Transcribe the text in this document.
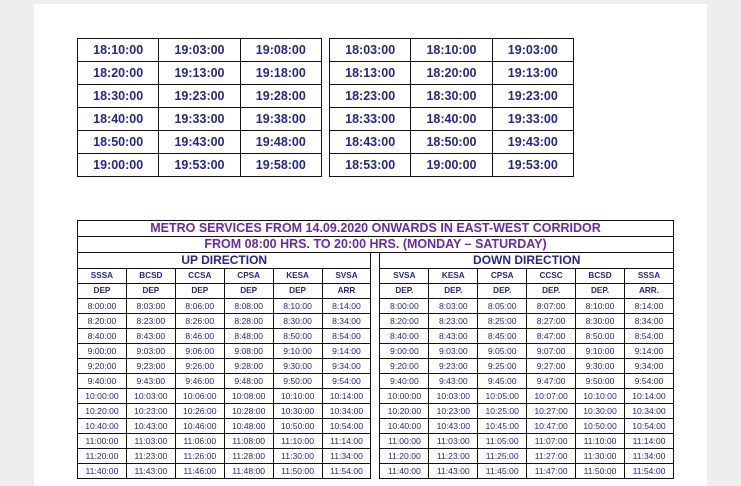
18:10:00	19:03:00	19:08:00		18:03:00	18:10:00	19:03:00
18:20:00	19:13:00	19:18:00		18:13:00	18:20:00	19:13:00
18:30:00	19:23:00	19:28:00		18:23:00	18:30:00	19:23:00
18:40:00	19:33:00	19:38:00		18:33:00	18:40:00	19:33:00
18:50:00	19:43:00	19:48:00		18:43:00	18:50:00	19:43:00
19:00:00	19:53:00	19:58:00		18:53:00	19:00:00	19:53:00
METRO SERVICES FROM 14.09.2020 ONWARDS IN EAST-WEST CORRIDOR												
FROM 08:00 HRS. TO 20:00 HRS. (MONDAY – SATURDAY)												
UP DIRECTION							DOWN DIRECTION					
SSSA	BCSD	CCSA	CPSA	KESA	SVSA		SVSA	KESA	CPSA	CCSC	BCSD	SSSA
DEP	DEP	DEP	DEP	DEP	ARR		DEP.	DEP.	DEP.	DEP.	DEP.	ARR.
8:00:00	8:03:00	8:06:00	8:08:00	8:10:00	8:14:00		8:00:00	8:03:00	8:05:00	8:07:00	8:10:00	8:14:00
8:20:00	8:23:00	8:26:00	8:28:00	8:30:00	8:34:00		8:20:00	8:23:00	8:25:00	8:27:00	8:30:00	8:34:00
8:40:00	8:43:00	8:46:00	8:48:00	8:50:00	8:54:00		8:40:00	8:43:00	8:45:00	8:47:00	8:50:00	8:54:00
9:00:00	9:03:00	9:06:00	9:08:00	9:10:00	9:14:00		9:00:00	9:03:00	9:05:00	9:07:00	9:10:00	9:14:00
9:20:00	9:23:00	9:26:00	9:28:00	9:30:00	9:34:00		9:20:00	9:23:00	9:25:00	9:27:00	9:30:00	9:34:00
9:40:00	9:43:00	9:46:00	9:48:00	9:50:00	9:54:00		9:40:00	9:43:00	9:45:00	9:47:00	9:50:00	9:54:00
10:00:00	10:03:00	10:06:00	10:08:00	10:10:00	10:14:00		10:00:00	10:03:00	10:05:00	10:07:00	10:10:00	10:14:00
10:20:00	10:23:00	10:26:00	10:28:00	10:30:00	10:34:00		10:20:00	10:23:00	10:25:00	10:27:00	10:30:00	10:34:00
10:40:00	10:43:00	10:46:00	10:48:00	10:50:00	10:54:00		10:40:00	10:43:00	10:45:00	10:47:00	10:50:00	10:54:00
11:00:00	11:03:00	11:06:00	11:08:00	11:10:00	11:14:00		11:00:00	11:03:00	11:05:00	11:07:00	11:10:00	11:14:00
11:20:00	11:23:00	11:26:00	11:28:00	11:30:00	11:34:00		11:20:00	11:23:00	11:25:00	11:27:00	11:30:00	11:34:00
11:40:00	11:43:00	11:46:00	11:48:00	11:50:00	11:54:00		11:40:00	11:43:00	11:45:00	11:47:00	11:50:00	11:54:00
